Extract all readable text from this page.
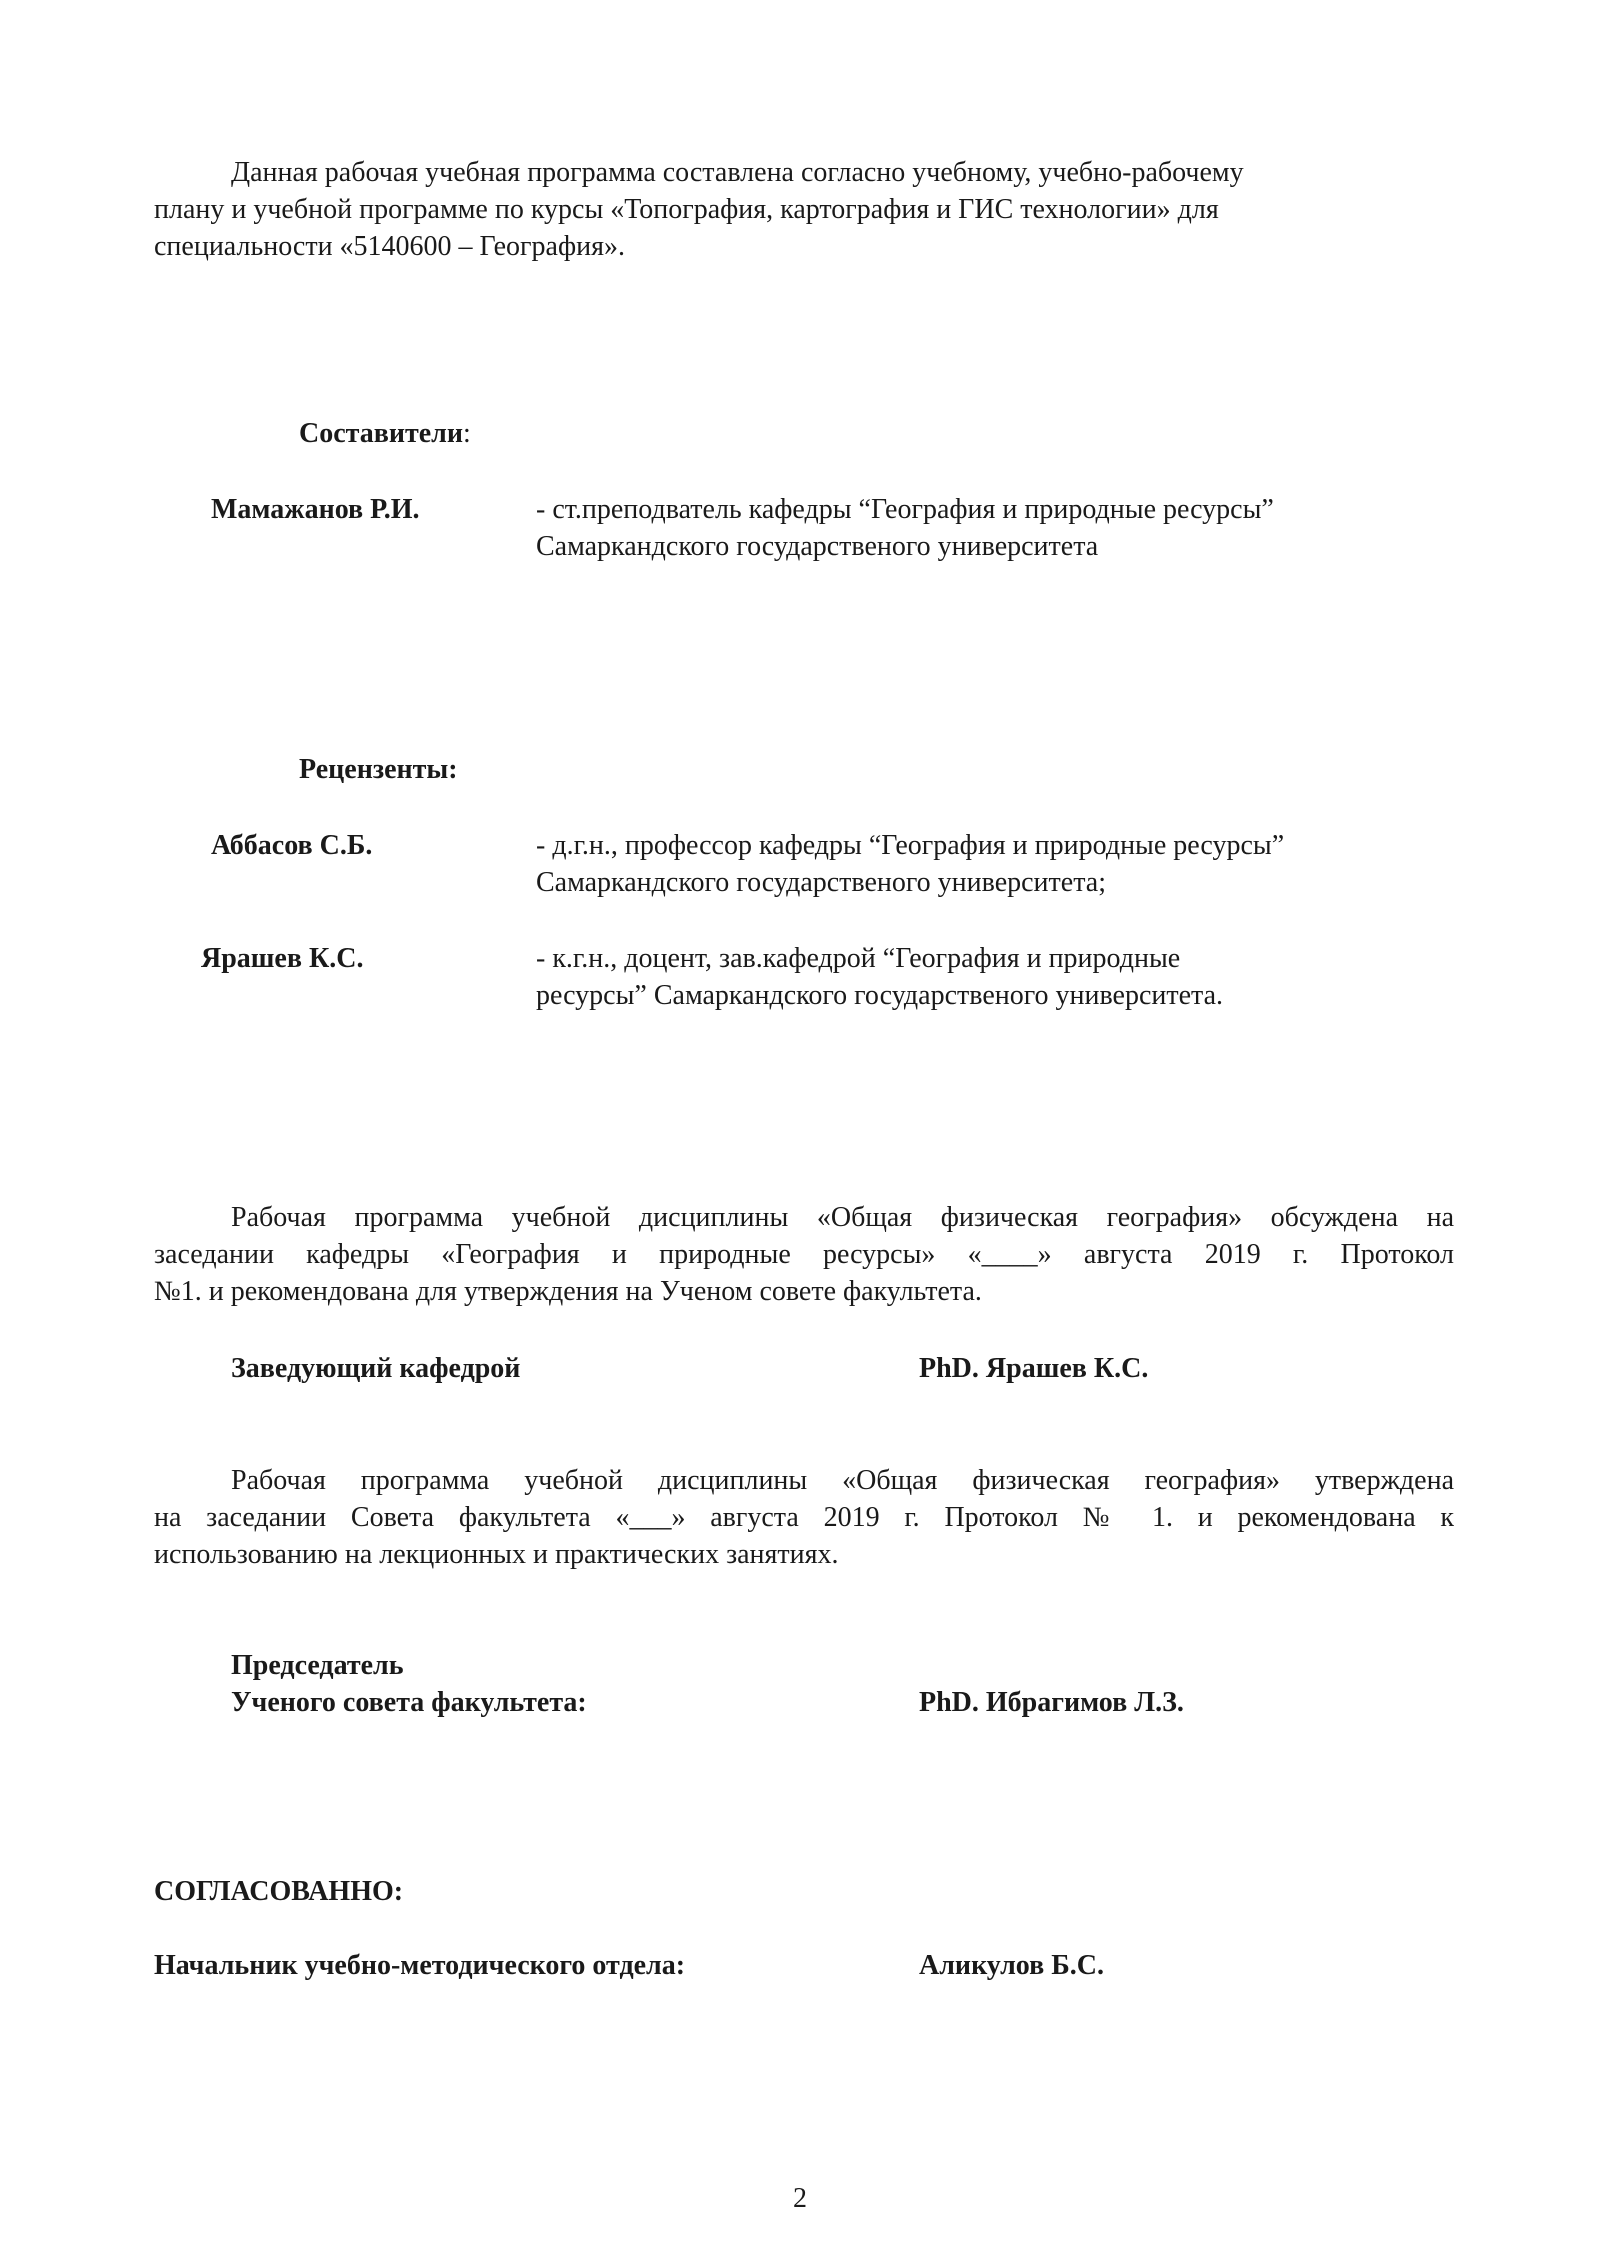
Данная рабочая учебная программа составлена согласно учебному, учебно-рабочему
плану и учебной программе по курсы «Топография, картография и ГИС технологии» для
специальности «5140600 – География».
Составители:
Мамажанов Р.И.	- ст.преподватель кафедры “География и природные ресурсы”
Самаркандского государственого университета
Рецензенты:
Аббасов С.Б.	- д.г.н., профессор кафедры “География и природные ресурсы”
Самаркандского государственого университета;
Ярашев К.С.	- к.г.н., доцент, зав.кафедрой “География и природные
ресурсы” Самаркандского государственого университета.
Рабочая программа учебной дисциплины «Общая физическая география» обсуждена на
заседании кафедры «География и природные ресурсы» «____» августа 2019 г. Протокол
№1. и рекомендована для утверждения на Ученом совете факультета.
Заведующий кафедрой	PhD. Ярашев К.С.
Рабочая программа учебной дисциплины «Общая физическая география» утверждена
на заседании Совета факультета «___» августа 2019 г. Протокол № 1. и рекомендована к
использованию на лекционных и практических занятиях.
Председатель
Ученого совета факультета:	PhD. Ибрагимов Л.З.
СОГЛАСОВАННО:
Начальник учебно-методического отдела:	Аликулов Б.С.
2
